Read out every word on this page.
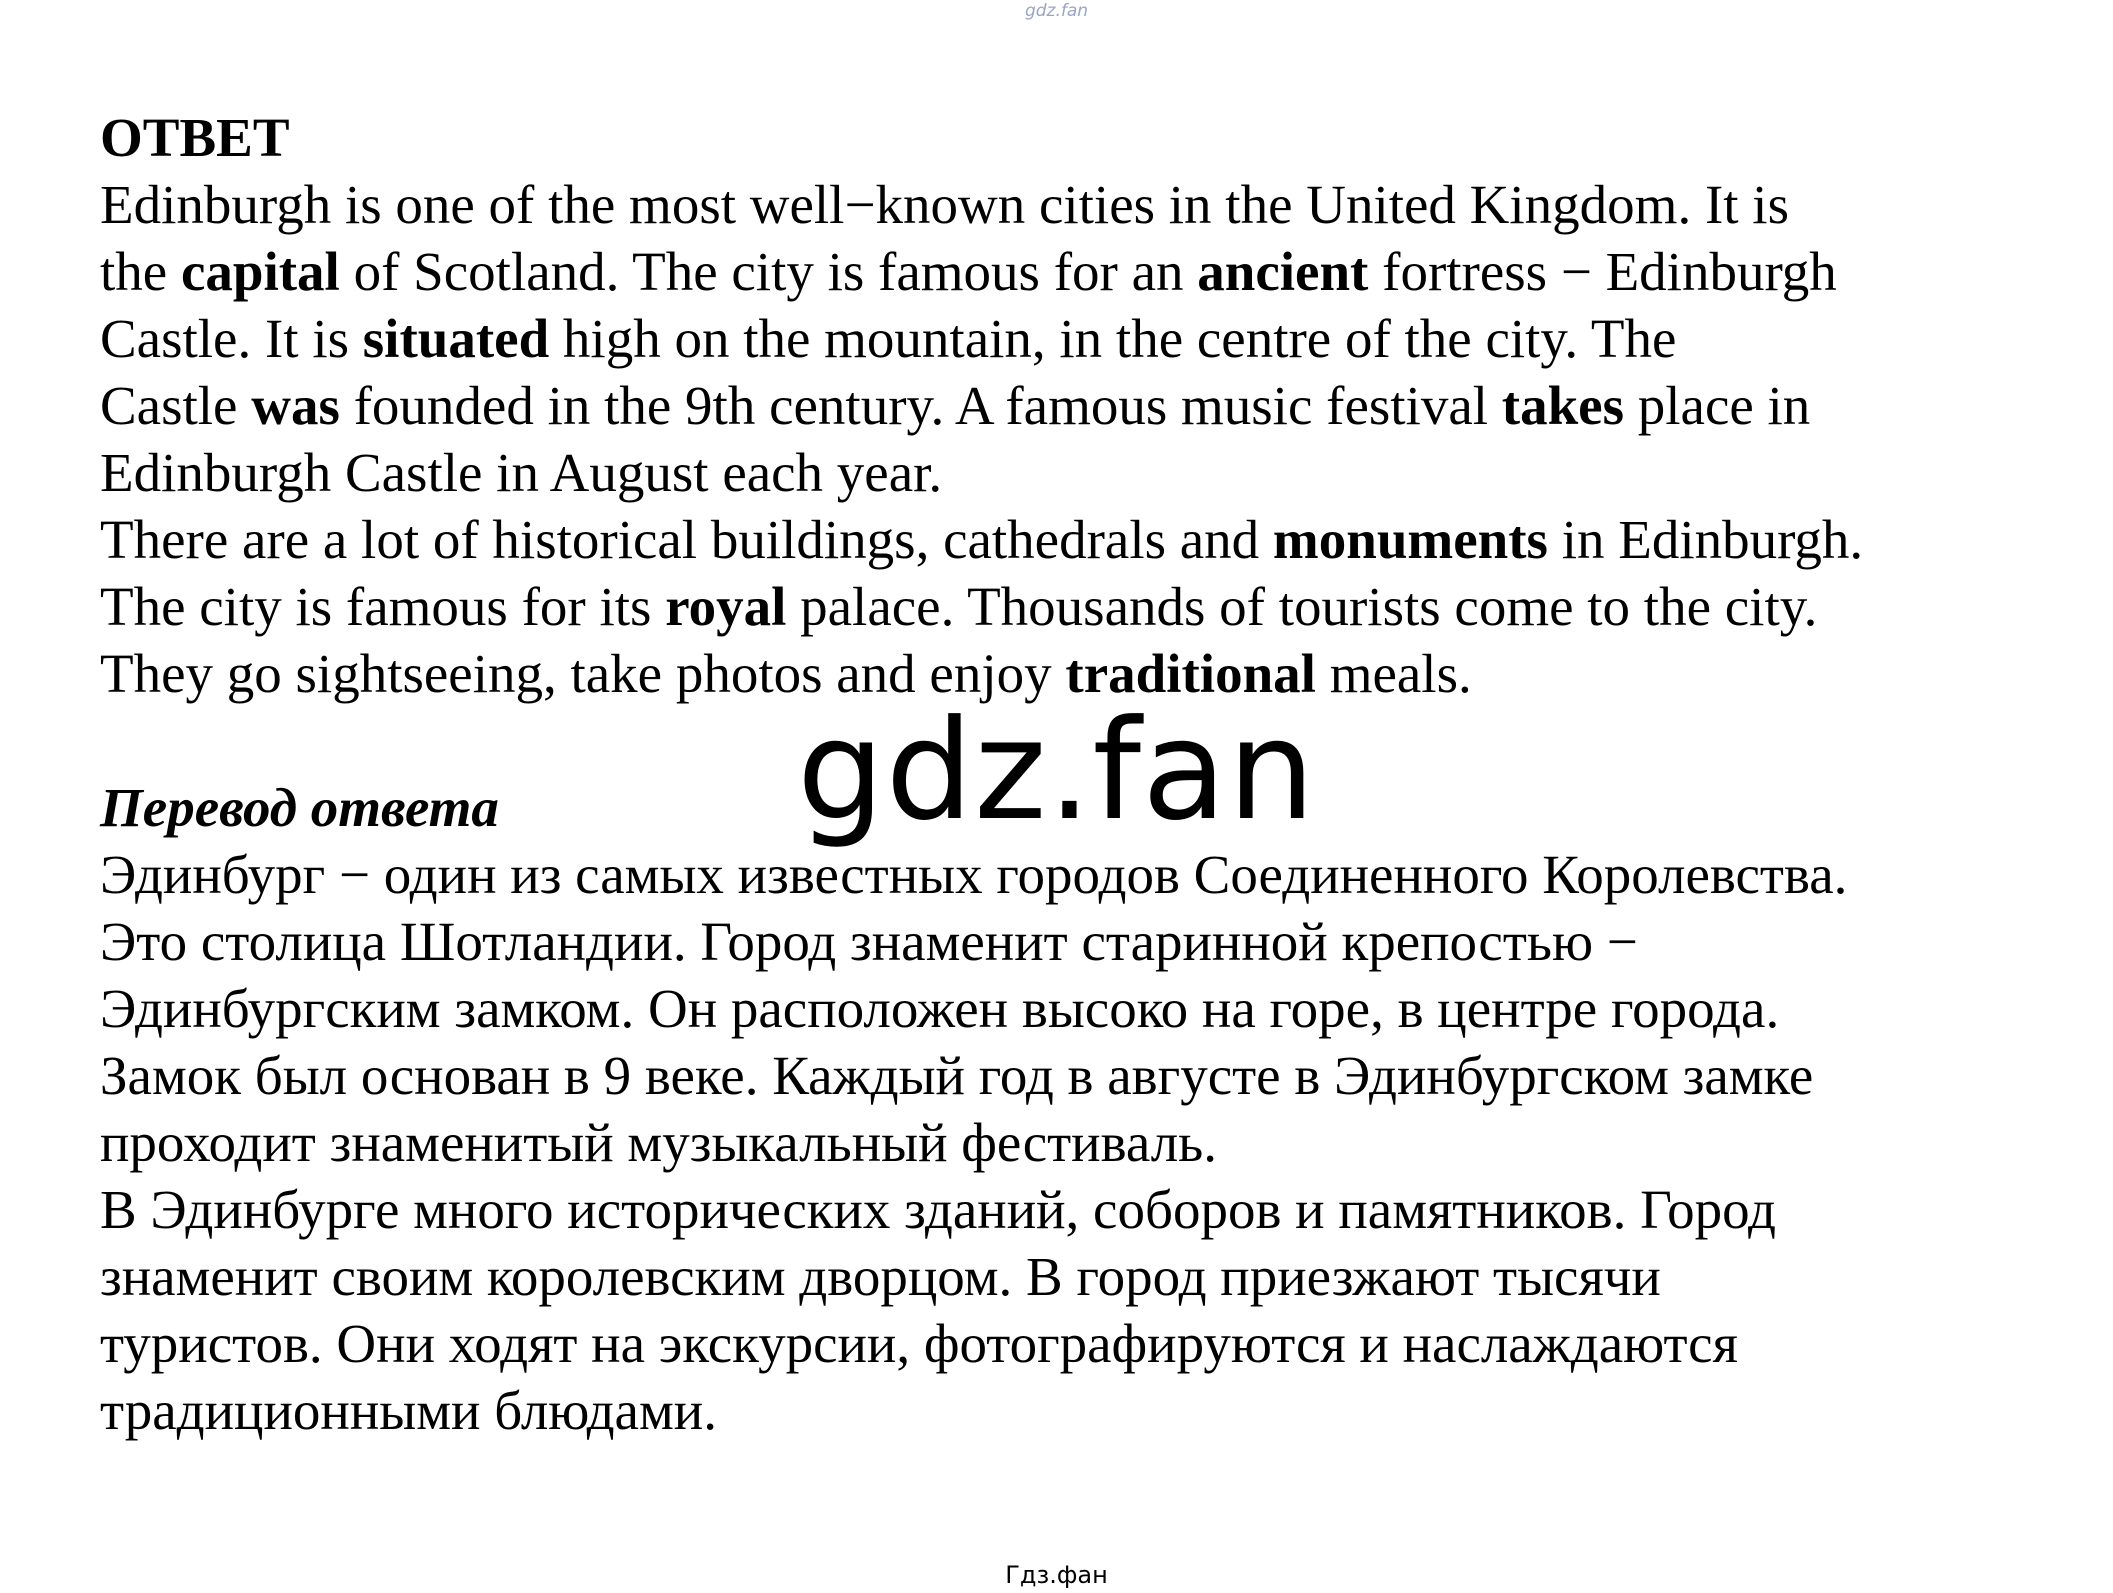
gdz.fan

ОТВЕТ

Edinburgh is one of the most well−known cities in the United Kingdom. It is
the capital of Scotland. The city is famous for an ancient fortress − Edinburgh
Castle. It is situated high on the mountain, in the centre of the city. The
Castle was founded in the 9th century. A famous music festival takes place in
Edinburgh Castle in August each year.

There are a lot of historical buildings, cathedrals and monuments in Edinburgh.
The city is famous for its royal palace. Thousands of tourists come to the city.
They go sightseeing, take photos and enjoy traditional meals.

Перевод ответа

Эдинбург − один из самых известных городов Соединенного Королевства.
Это столица Шотландии. Город знаменит старинной крепостью −
Эдинбургским замком. Он расположен высоко на горе, в центре города.
Замок был основан в 9 веке. Каждый год в августе в Эдинбургском замке
проходит знаменитый музыкальный фестиваль.

В Эдинбурге много исторических зданий, соборов и памятников. Город
знаменит своим королевским дворцом. В город приезжают тысячи
туристов. Они ходят на экскурсии, фотографируются и наслаждаются
традиционными блюдами.

gdz.fan
Гдз.фан
